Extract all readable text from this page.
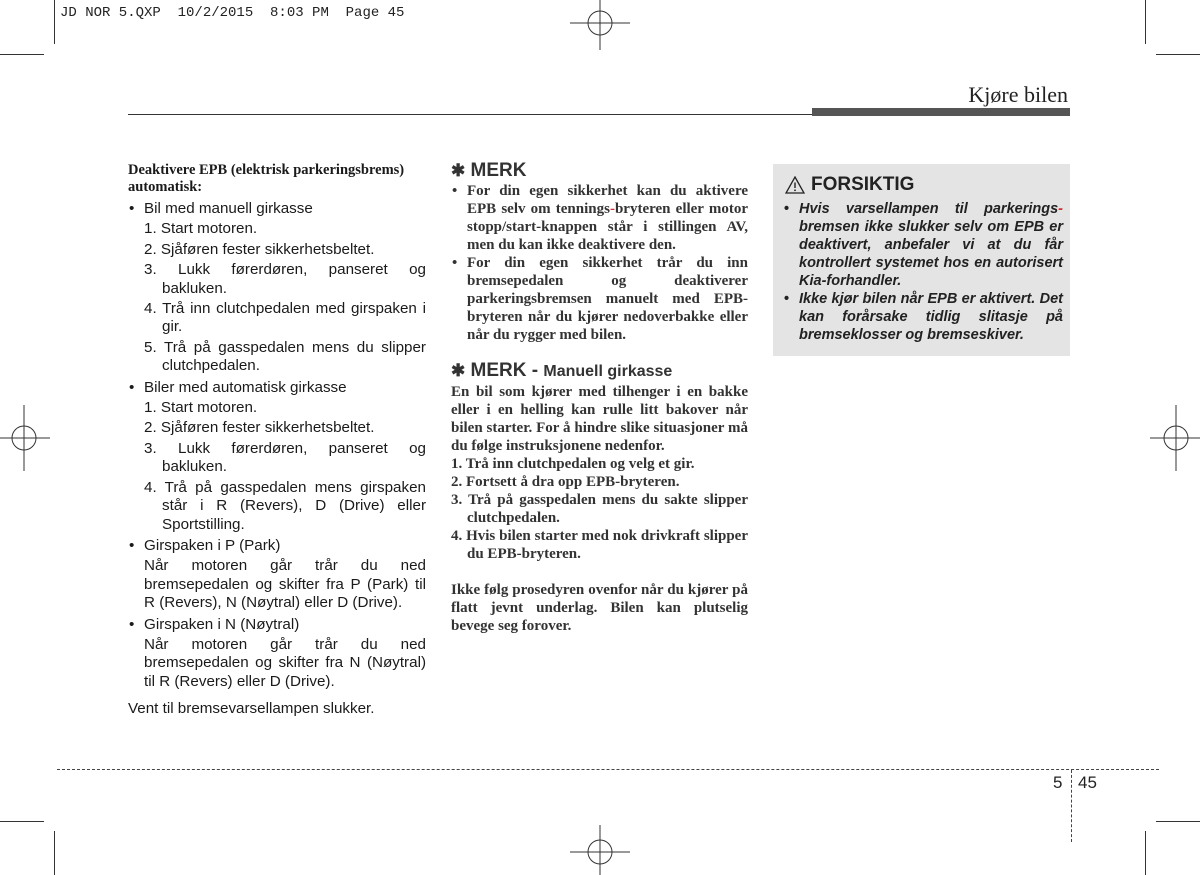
JD NOR 5.QXP  10/2/2015  8:03 PM  Page 45
Kjøre bilen
Deaktivere EPB (elektrisk parkeringsbrems) automatisk:
• Bil med manuell girkasse
1. Start motoren.
2. Sjåføren fester sikkerhetsbeltet.
3. Lukk førerdøren, panseret og bakluken.
4. Trå inn clutchpedalen med girspaken i gir.
5. Trå på gasspedalen mens du slipper clutchpedalen.
• Biler med automatisk girkasse
1. Start motoren.
2. Sjåføren fester sikkerhetsbeltet.
3. Lukk førerdøren, panseret og bakluken.
4. Trå på gasspedalen mens girspaken står i R (Revers), D (Drive) eller Sportstilling.
• Girspaken i P (Park)
Når motoren går trår du ned bremsepedalen og skifter fra P (Park) til R (Revers), N (Nøytral) eller D (Drive).
• Girspaken i N (Nøytral)
Når motoren går trår du ned bremsepedalen og skifter fra N (Nøytral) til R (Revers) eller D (Drive).
Vent til bremsevarsellampen slukker.
✱ MERK
• For din egen sikkerhet kan du aktivere EPB selv om tennings-bryteren eller motor stopp/start-knappen står i stillingen AV, men du kan ikke deaktivere den.
• For din egen sikkerhet trår du inn bremsepedalen og deaktiverer parkeringsbremsen manuelt med EPB-bryteren når du kjører nedoverbakke eller når du rygger med bilen.
✱ MERK - Manuell girkasse
En bil som kjører med tilhenger i en bakke eller i en helling kan rulle litt bakover når bilen starter. For å hindre slike situasjoner må du følge instruksjonene nedenfor.
1. Trå inn clutchpedalen og velg et gir.
2. Fortsett å dra opp EPB-bryteren.
3. Trå på gasspedalen mens du sakte slipper clutchpedalen.
4. Hvis bilen starter med nok drivkraft slipper du EPB-bryteren.
Ikke følg prosedyren ovenfor når du kjører på flatt jevnt underlag. Bilen kan plutselig bevege seg forover.
FORSIKTIG
• Hvis varsellampen til parkerings-bremsen ikke slukker selv om EPB er deaktivert, anbefaler vi at du får kontrollert systemet hos en autorisert Kia-forhandler.
• Ikke kjør bilen når EPB er aktivert. Det kan forårsake tidlig slitasje på bremseklosser og bremseskiver.
5 45
